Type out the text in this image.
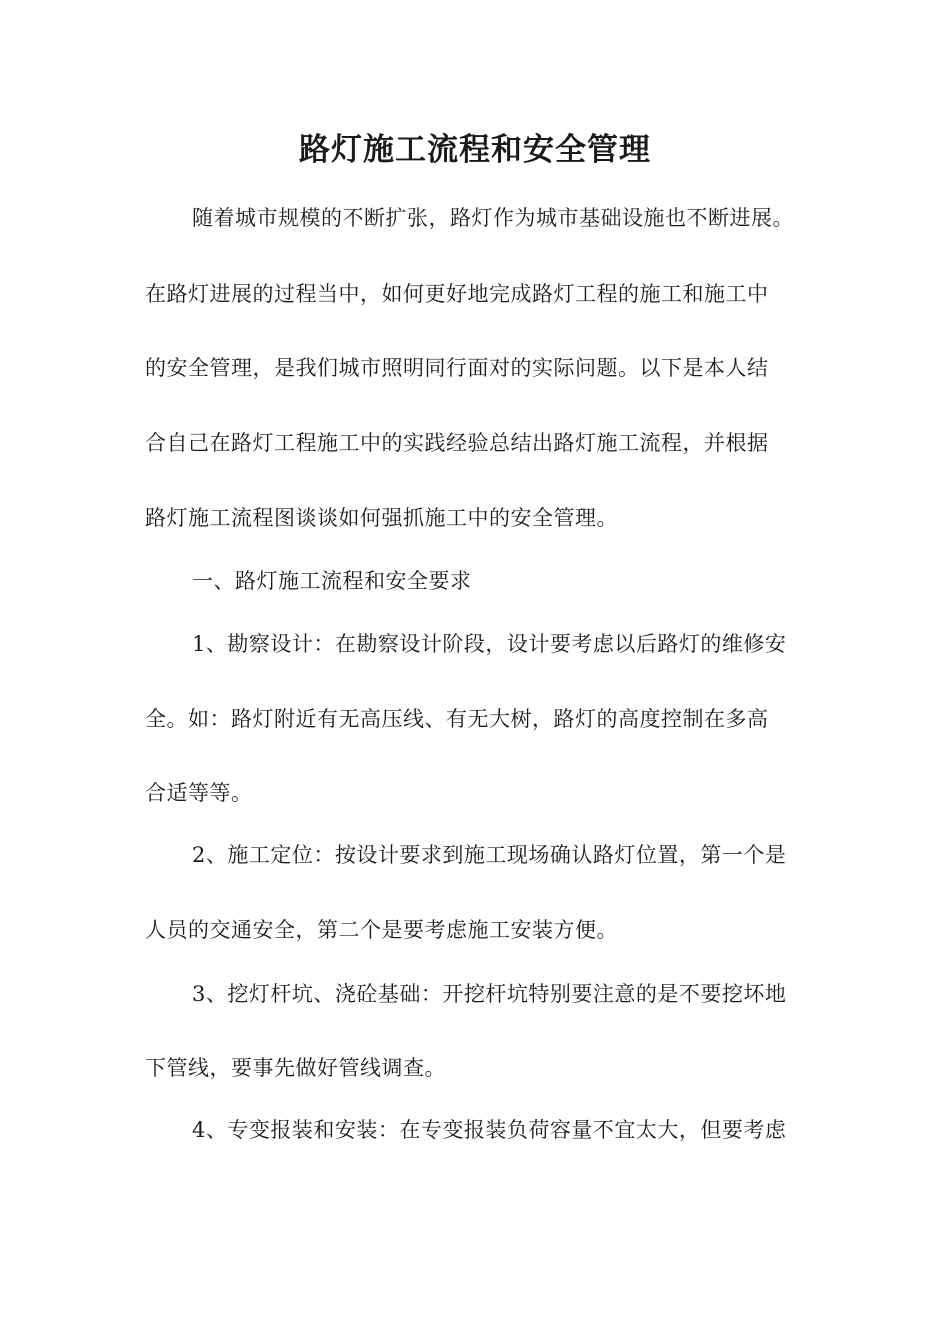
路灯施工流程和安全管理

随着城市规模的不断扩张，路灯作为城市基础设施也不断进展。

在路灯进展的过程当中，如何更好地完成路灯工程的施工和施工中

的安全管理，是我们城市照明同行面对的实际问题。以下是本人结

合自己在路灯工程施工中的实践经验总结出路灯施工流程，并根据

路灯施工流程图谈谈如何强抓施工中的安全管理。

一、路灯施工流程和安全要求

1、勘察设计：在勘察设计阶段，设计要考虑以后路灯的维修安

全。如：路灯附近有无高压线、有无大树，路灯的高度控制在多高

合适等等。

2、施工定位：按设计要求到施工现场确认路灯位置，第一个是

人员的交通安全，第二个是要考虑施工安装方便。

3、挖灯杆坑、浇砼基础：开挖杆坑特别要注意的是不要挖坏地

下管线，要事先做好管线调查。

4、专变报装和安装：在专变报装负荷容量不宜太大，但要考虑
